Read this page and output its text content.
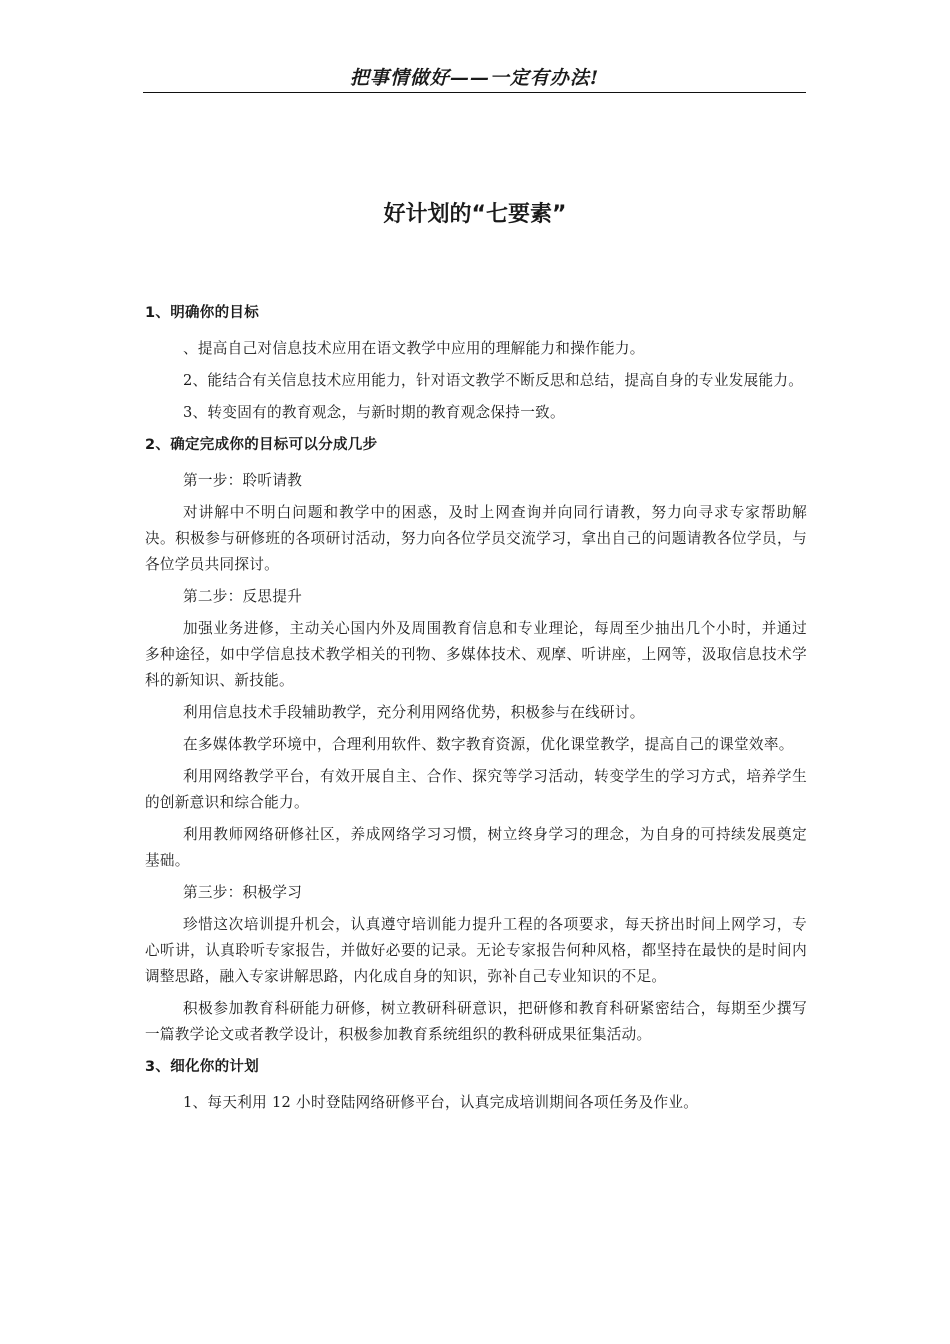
把事情做好——一定有办法!
好计划的“七要素”

1、明确你的目标

、提高自己对信息技术应用在语文教学中应用的理解能力和操作能力。

2、能结合有关信息技术应用能力，针对语文教学不断反思和总结，提高自身的专业发展能力。

3、转变固有的教育观念，与新时期的教育观念保持一致。

2、确定完成你的目标可以分成几步

第一步：聆听请教

对讲解中不明白问题和教学中的困惑，及时上网查询并向同行请教，努力向寻求专家帮助解决。积极参与研修班的各项研讨活动，努力向各位学员交流学习，拿出自己的问题请教各位学员，与各位学员共同探讨。

第二步：反思提升

加强业务进修，主动关心国内外及周围教育信息和专业理论，每周至少抽出几个小时，并通过多种途径，如中学信息技术教学相关的刊物、多媒体技术、观摩、听讲座，上网等，汲取信息技术学科的新知识、新技能。

利用信息技术手段辅助教学，充分利用网络优势，积极参与在线研讨。

在多媒体教学环境中，合理利用软件、数字教育资源，优化课堂教学，提高自己的课堂效率。

利用网络教学平台，有效开展自主、合作、探究等学习活动，转变学生的学习方式，培养学生的创新意识和综合能力。

利用教师网络研修社区，养成网络学习习惯，树立终身学习的理念，为自身的可持续发展奠定基础。

第三步：积极学习

珍惜这次培训提升机会，认真遵守培训能力提升工程的各项要求，每天挤出时间上网学习，专心听讲，认真聆听专家报告，并做好必要的记录。无论专家报告何种风格，都坚持在最快的是时间内调整思路，融入专家讲解思路，内化成自身的知识，弥补自己专业知识的不足。

积极参加教育科研能力研修，树立教研科研意识，把研修和教育科研紧密结合，每期至少撰写一篇教学论文或者教学设计，积极参加教育系统组织的教科研成果征集活动。

3、细化你的计划

1、每天利用 12 小时登陆网络研修平台，认真完成培训期间各项任务及作业。
